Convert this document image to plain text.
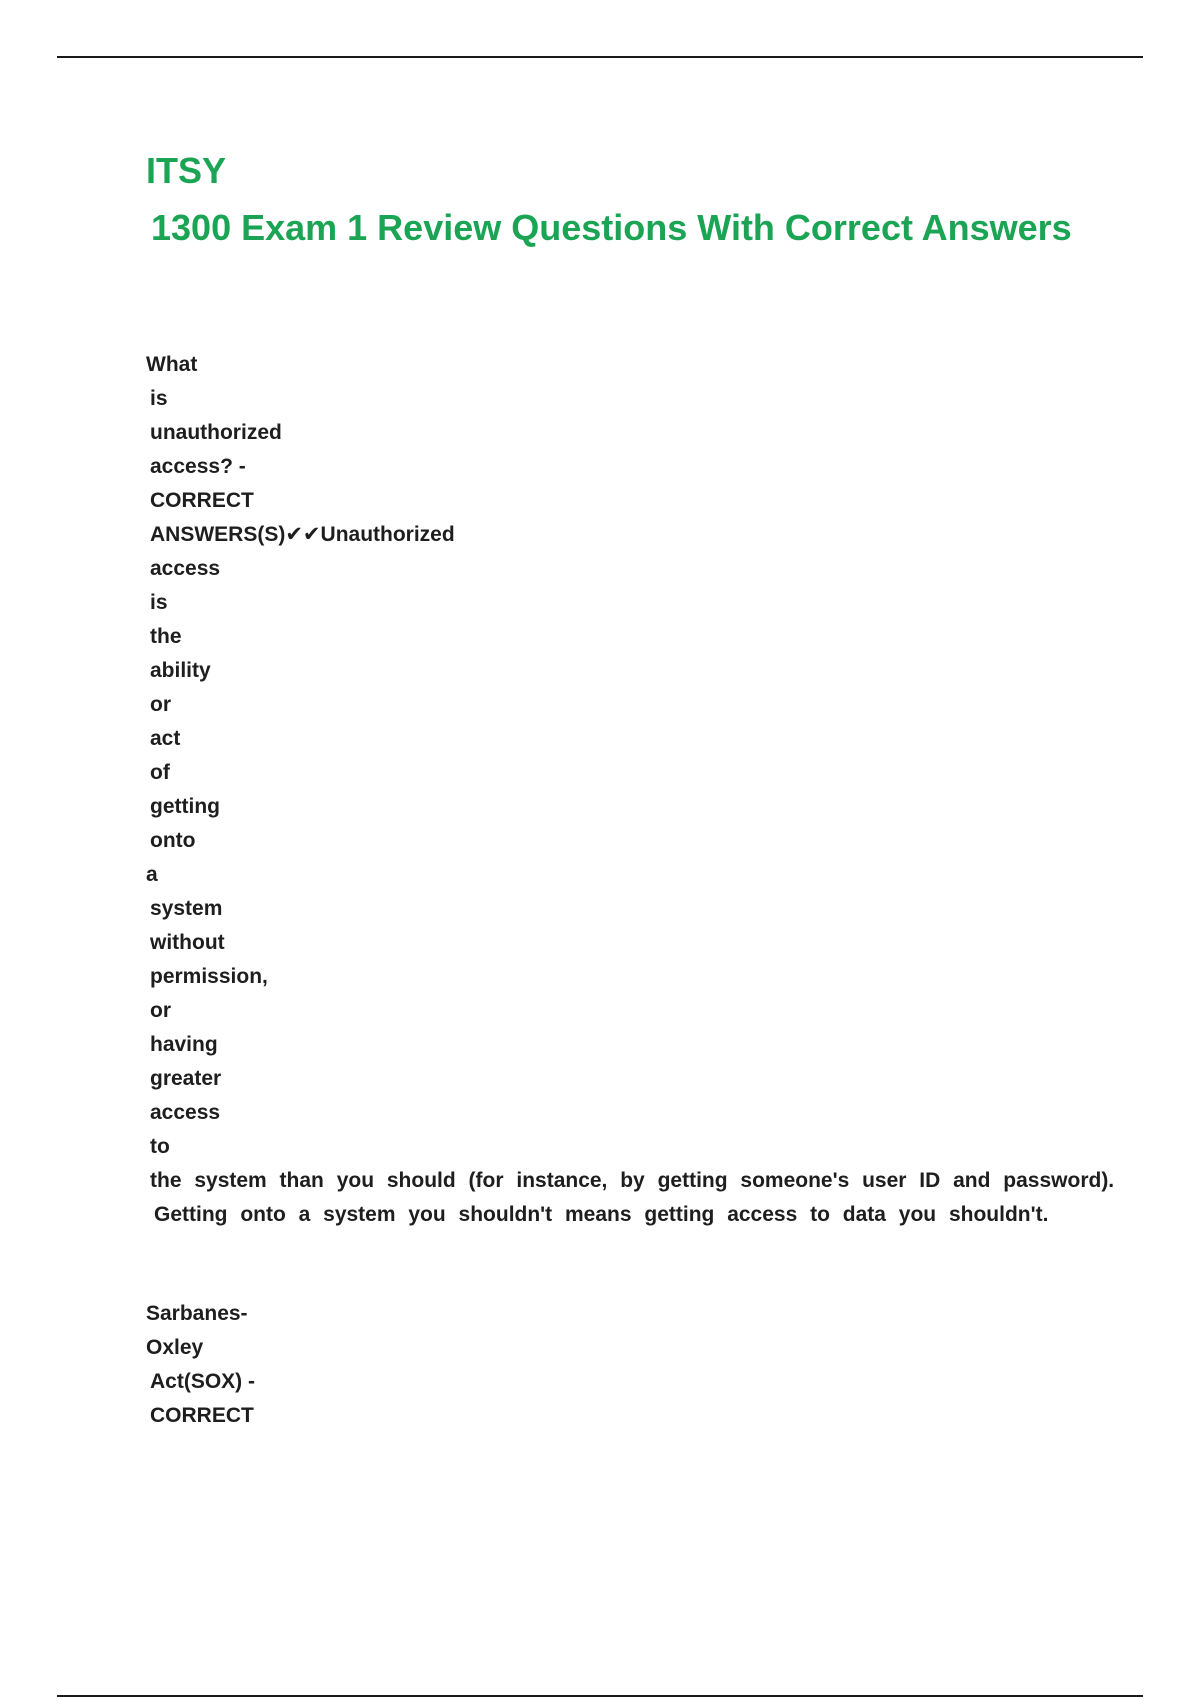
ITSY
1300 Exam 1 Review Questions With Correct Answers
What
is
unauthorized
access? -
CORRECT
ANSWERS(S)✔✔Unauthorized
access
is
the
ability
or
act
of
getting
onto
a
system
without
permission,
or
having
greater
access
to
the system than you should (for instance, by getting someone's user ID and password).
Getting onto a system you shouldn't means getting access to data you shouldn't.
Sarbanes-
Oxley
Act(SOX) -
CORRECT
